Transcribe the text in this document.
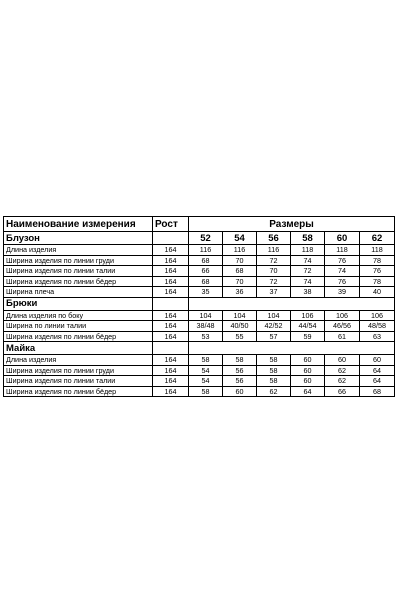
Наименование измерения	Рост	Размеры					
Блузон		52	54	56	58	60	62
Длина изделия	164	116	116	116	118	118	118
Ширина изделия по линии груди	164	68	70	72	74	76	78
Ширина изделия по линии талии	164	66	68	70	72	74	76
Ширина изделия по линии бёдер	164	68	70	72	74	76	78
Ширина плеча	164	35	36	37	38	39	40
Брюки							
Длина изделия по боку	164	104	104	104	106	106	106
Ширина по линии талии	164	38/48	40/50	42/52	44/54	46/56	48/58
Ширина изделия по линии бёдер	164	53	55	57	59	61	63
Майка							
Длина изделия	164	58	58	58	60	60	60
Ширина изделия по линии груди	164	54	56	58	60	62	64
Ширина изделия по линии талии	164	54	56	58	60	62	64
Ширина изделия по линии бёдер	164	58	60	62	64	66	68
